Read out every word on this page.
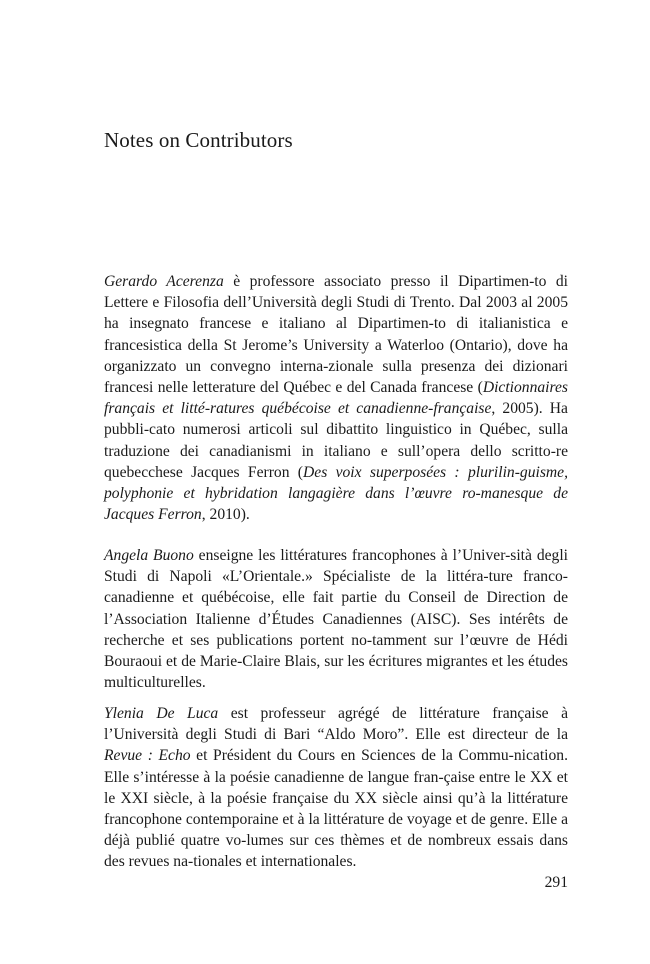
Notes on Contributors

Gerardo Acerenza è professore associato presso il Dipartimen-to di Lettere e Filosofia dell’Università degli Studi di Trento. Dal 2003 al 2005 ha insegnato francese e italiano al Dipartimen-to di italianistica e francesistica della St Jerome’s University a Waterloo (Ontario), dove ha organizzato un convegno interna-zionale sulla presenza dei dizionari francesi nelle letterature del Québec e del Canada francese (Dictionnaires français et litté-ratures québécoise et canadienne-française, 2005). Ha pubbli-cato numerosi articoli sul dibattito linguistico in Québec, sulla traduzione dei canadianismi in italiano e sull’opera dello scritto-re quebecchese Jacques Ferron (Des voix superposées : plurilin-guisme, polyphonie et hybridation langagière dans l’œuvre ro-manesque de Jacques Ferron, 2010).

Angela Buono enseigne les littératures francophones à l’Univer-sità degli Studi di Napoli «L’Orientale.» Spécialiste de la littéra-ture franco-canadienne et québécoise, elle fait partie du Conseil de Direction de l’Association Italienne d’Études Canadiennes (AISC). Ses intérêts de recherche et ses publications portent no-tamment sur l’œuvre de Hédi Bouraoui et de Marie-Claire Blais, sur les écritures migrantes et les études multiculturelles.

Ylenia De Luca est professeur agrégé de littérature française à l’Università degli Studi di Bari “Aldo Moro”. Elle est directeur de la Revue : Echo et Président du Cours en Sciences de la Commu-nication. Elle s’intéresse à la poésie canadienne de langue fran-çaise entre le XX et le XXI siècle, à la poésie française du XX siècle ainsi qu’à la littérature francophone contemporaine et à la littérature de voyage et de genre. Elle a déjà publié quatre vo-lumes sur ces thèmes et de nombreux essais dans des revues na-tionales et internationales.

291
